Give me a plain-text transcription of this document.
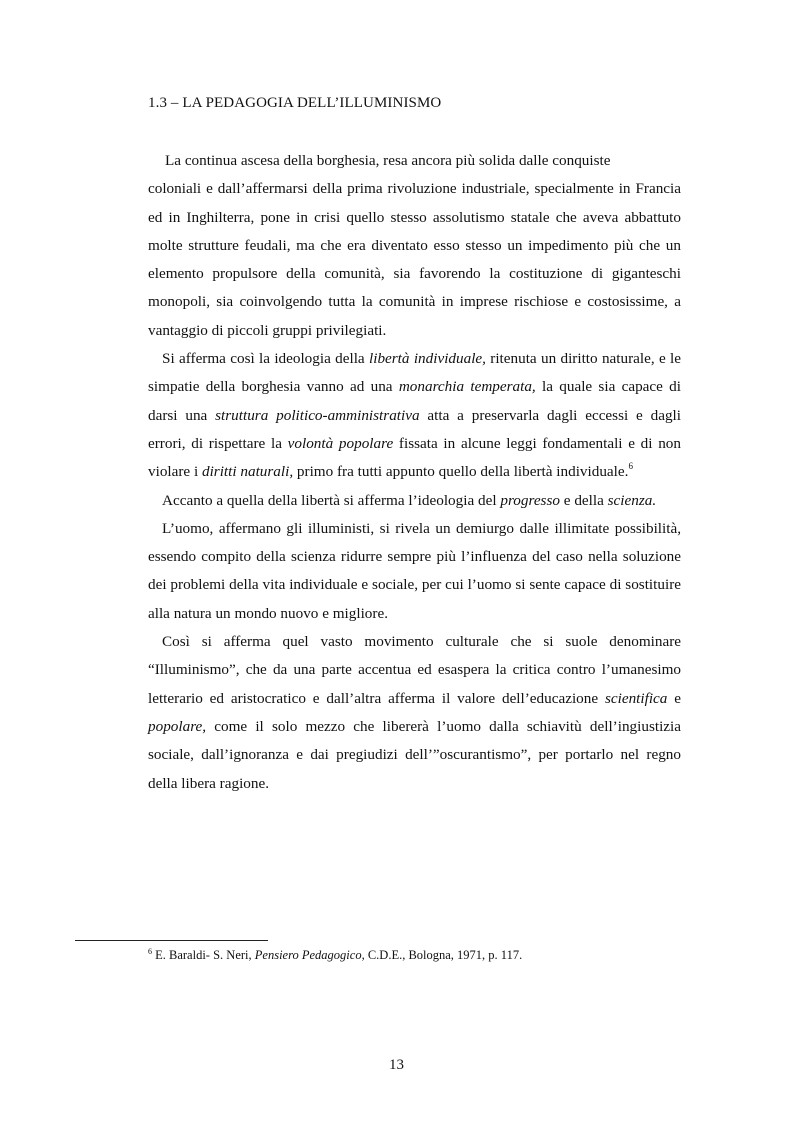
1.3 – LA PEDAGOGIA DELL’ILLUMINISMO

La continua ascesa della borghesia, resa ancora più solida dalle conquiste
coloniali e dall’affermarsi della prima rivoluzione industriale, specialmente in Francia ed in Inghilterra, pone in crisi quello stesso assolutismo statale che aveva abbattuto molte strutture feudali, ma che era diventato esso stesso un impedimento più che un elemento propulsore della comunità, sia favorendo la costituzione di giganteschi monopoli, sia coinvolgendo tutta la comunità in imprese rischiose e costosissime, a vantaggio di piccoli gruppi privilegiati.

Si afferma così la ideologia della libertà individuale, ritenuta un diritto naturale, e le simpatie della borghesia vanno ad una monarchia temperata, la quale sia capace di darsi una struttura politico-amministrativa atta a preservarla dagli eccessi e dagli errori, di rispettare la volontà popolare fissata in alcune leggi fondamentali e di non violare i diritti naturali, primo fra tutti appunto quello della libertà individuale.$^6$

Accanto a quella della libertà si afferma l’ideologia del progresso e della scienza.

L’uomo, affermano gli illuministi, si rivela un demiurgo dalle illimitate possibilità, essendo compito della scienza ridurre sempre più l’influenza del caso nella soluzione dei problemi della vita individuale e sociale, per cui l’uomo si sente capace di sostituire alla natura un mondo nuovo e migliore.

Così si afferma quel vasto movimento culturale che si suole denominare “Illuminismo”, che da una parte accentua ed esaspera la critica contro l’umanesimo letterario ed aristocratico e dall’altra afferma il valore dell’educazione scientifica e popolare, come il solo mezzo che libererà l’uomo dalla schiavitù dell’ingiustizia sociale, dall’ignoranza e dai pregiudizi dell’”oscurantismo”, per portarlo nel regno della libera ragione.

$^6$ E. Baraldi- S. Neri, Pensiero Pedagogico, C.D.E., Bologna, 1971, p. 117.
13
